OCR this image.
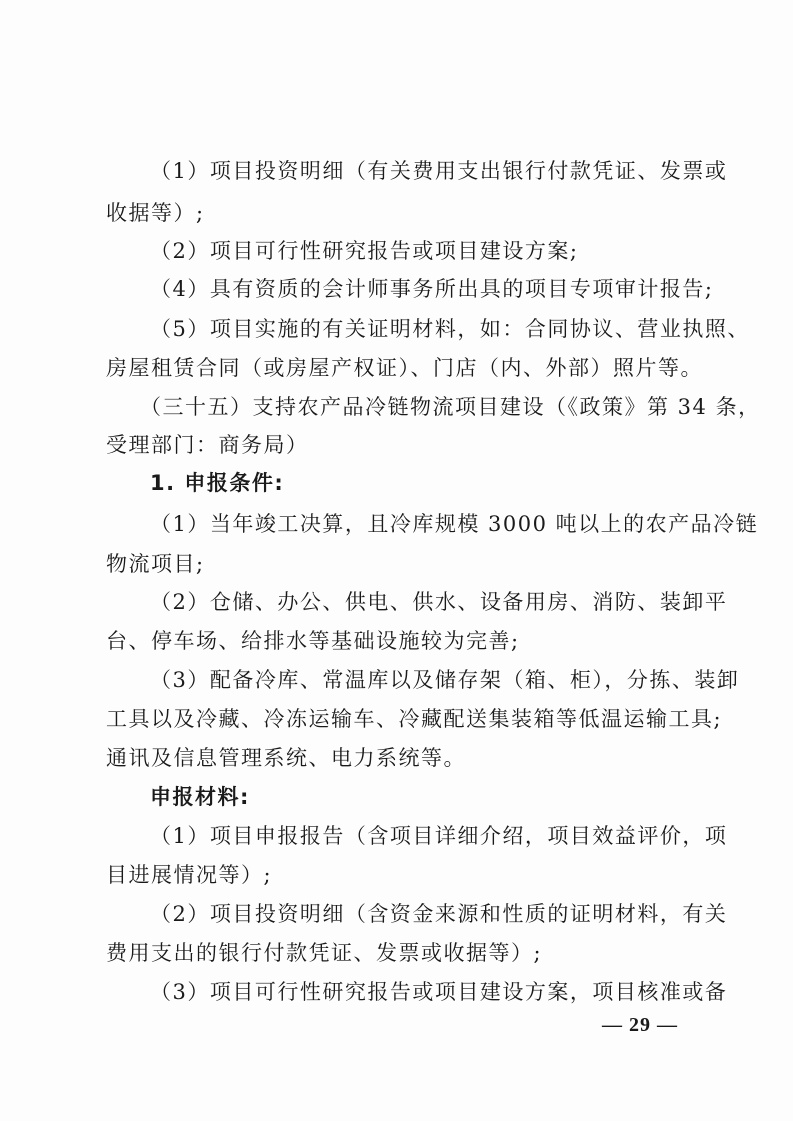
（1）项目投资明细（有关费用支出银行付款凭证、发票或
收据等）;
（2）项目可行性研究报告或项目建设方案;
（4）具有资质的会计师事务所出具的项目专项审计报告;
（5）项目实施的有关证明材料，如：合同协议、营业执照、
房屋租赁合同（或房屋产权证）、门店（内、外部）照片等。
（三十五）支持农产品冷链物流项目建设（《政策》第 34 条，
受理部门：商务局）
1. 申报条件:
（1）当年竣工决算，且冷库规模 3000 吨以上的农产品冷链
物流项目;
（2）仓储、办公、供电、供水、设备用房、消防、装卸平
台、停车场、给排水等基础设施较为完善;
（3）配备冷库、常温库以及储存架（箱、柜），分拣、装卸
工具以及冷藏、冷冻运输车、冷藏配送集装箱等低温运输工具;
通讯及信息管理系统、电力系统等。
申报材料:
（1）项目申报报告（含项目详细介绍，项目效益评价，项
目进展情况等）;
（2）项目投资明细（含资金来源和性质的证明材料，有关
费用支出的银行付款凭证、发票或收据等）;
（3）项目可行性研究报告或项目建设方案，项目核准或备
— 29 —
